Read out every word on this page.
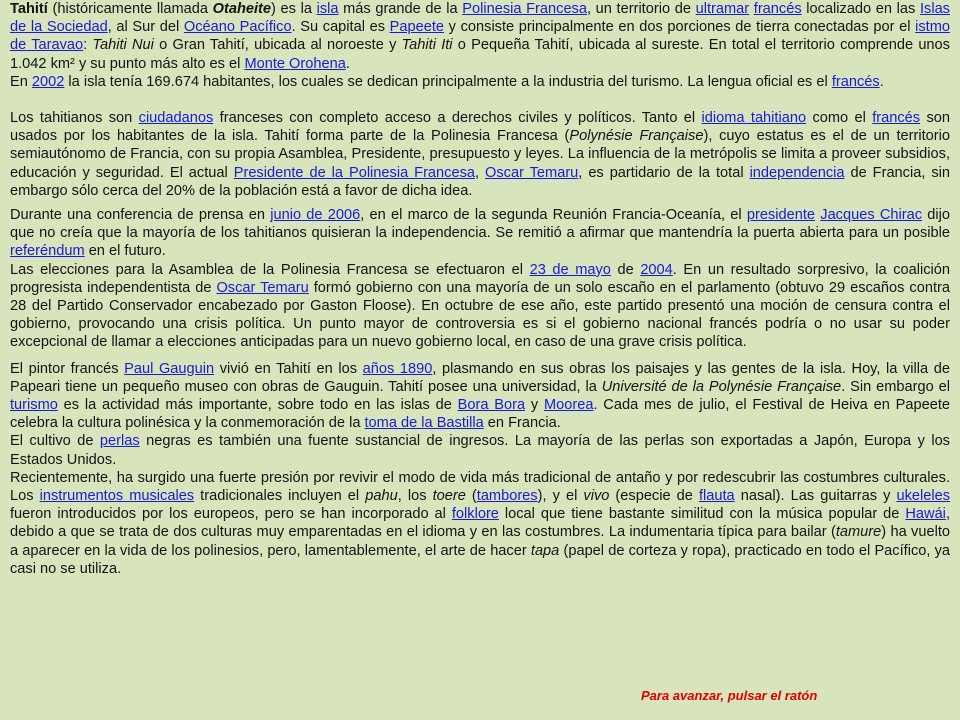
Tahití (históricamente llamada Otaheite) es la isla más grande de la Polinesia Francesa, un territorio de ultramar francés localizado en las Islas de la Sociedad, al Sur del Océano Pacífico. Su capital es Papeete y consiste principalmente en dos porciones de tierra conectadas por el istmo de Taravao: Tahiti Nui o Gran Tahití, ubicada al noroeste y Tahiti Iti o Pequeña Tahití, ubicada al sureste. En total el territorio comprende unos 1.042 km² y su punto más alto es el Monte Orohena.

En 2002 la isla tenía 169.674 habitantes, los cuales se dedican principalmente a la industria del turismo. La lengua oficial es el francés.

Los tahitianos son ciudadanos franceses con completo acceso a derechos civiles y políticos. Tanto el idioma tahitiano como el francés son usados por los habitantes de la isla. Tahití forma parte de la Polinesia Francesa (Polynésie Française), cuyo estatus es el de un territorio semiautónomo de Francia, con su propia Asamblea, Presidente, presupuesto y leyes. La influencia de la metrópolis se limita a proveer subsidios, educación y seguridad. El actual Presidente de la Polinesia Francesa, Oscar Temaru, es partidario de la total independencia de Francia, sin embargo sólo cerca del 20% de la población está a favor de dicha idea.

Durante una conferencia de prensa en junio de 2006, en el marco de la segunda Reunión Francia-Oceanía, el presidente Jacques Chirac dijo que no creía que la mayoría de los tahitianos quisieran la independencia. Se remitió a afirmar que mantendría la puerta abierta para un posible referéndum en el futuro.

Las elecciones para la Asamblea de la Polinesia Francesa se efectuaron el 23 de mayo de 2004. En un resultado sorpresivo, la coalición progresista independentista de Oscar Temaru formó gobierno con una mayoría de un solo escaño en el parlamento (obtuvo 29 escaños contra 28 del Partido Conservador encabezado por Gaston Floose). En octubre de ese año, este partido presentó una moción de censura contra el gobierno, provocando una crisis política. Un punto mayor de controversia es si el gobierno nacional francés podría o no usar su poder excepcional de llamar a elecciones anticipadas para un nuevo gobierno local, en caso de una grave crisis política.

El pintor francés Paul Gauguin vivió en Tahití en los años 1890, plasmando en sus obras los paisajes y las gentes de la isla. Hoy, la villa de Papeari tiene un pequeño museo con obras de Gauguin. Tahití posee una universidad, la Université de la Polynésie Française. Sin embargo el turismo es la actividad más importante, sobre todo en las islas de Bora Bora y Moorea. Cada mes de julio, el Festival de Heiva en Papeete celebra la cultura polinésica y la conmemoración de la toma de la Bastilla en Francia.

El cultivo de perlas negras es también una fuente sustancial de ingresos. La mayoría de las perlas son exportadas a Japón, Europa y los Estados Unidos.

Recientemente, ha surgido una fuerte presión por revivir el modo de vida más tradicional de antaño y por redescubrir las costumbres culturales. Los instrumentos musicales tradicionales incluyen el pahu, los toere (tambores), y el vivo (especie de flauta nasal). Las guitarras y ukeleles fueron introducidos por los europeos, pero se han incorporado al folklore local que tiene bastante similitud con la música popular de Hawái, debido a que se trata de dos culturas muy emparentadas en el idioma y en las costumbres. La indumentaria típica para bailar (tamure) ha vuelto a aparecer en la vida de los polinesios, pero, lamentablemente, el arte de hacer tapa (papel de corteza y ropa), practicado en todo el Pacífico, ya casi no se utiliza.

Para avanzar, pulsar el ratón
